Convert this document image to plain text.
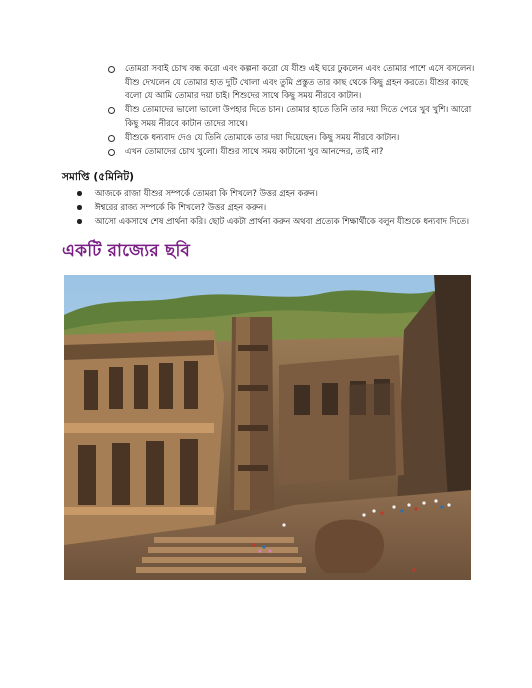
তোমরা সবাই চোখ বন্ধ করো এবং কল্পনা করো যে যীশু এই ঘরে ঢুকলেন এবং তোমার পাশে এসে বসলেন। যীশু দেখলেন যে তোমার হাত দুটি খোলা এবং তুমি প্রস্তুত তার কাছ থেকে কিছু গ্রহন করতে। যীশুর কাছে বলো যে আমি তোমার দয়া চাই। শিশুদের সাথে কিছু সময় নীরবে কাটান।
যীশু তোমাদের ভালো ভালো উপহার দিতে চান। তোমার হাতে তিনি তার দয়া দিতে পেরে খুব খুশি। আরো কিছু সময় নীরবে কাটান তাদের সাথে।
যীশুকে ধন্যবাদ দেও যে তিনি তোমাকে তার দয়া দিয়েছেন। কিছু সময় নীরবে কাটান।
এখন তোমাদের চোখ খুলো। যীশুর সাথে সময় কাটানো খুব আনন্দের, তাই না?
সমাপ্তি (৫মিনিট)
আজকে রাজা যীশুর সম্পর্কে তোমরা কি শিখলে? উত্তর গ্রহন করুন।
ঈশ্বরের রাজ্য সম্পর্কে কি শিখলে? উত্তর গ্রহন করুন।
আসো একসাথে শেষ প্রার্থনা করি। ছোট একটা প্রার্থনা করুন অথবা প্রত্যেক শিক্ষার্থীকে বলুন যীশুকে ধন্যবাদ দিতে।
একটি রাজ্যের ছবি
